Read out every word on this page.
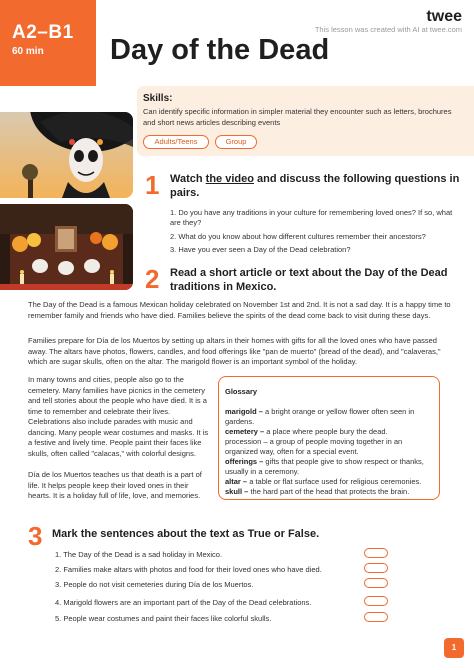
A2–B1
60 min Day of the Dead
twee
This lesson was created with AI at twee.com
Skills:
Can identify specific information in simpler material they encounter such as letters, brochures and short news articles describing events
Adults/Teens	Group
1 Watch the video and discuss the following questions in pairs.
1. Do you have any traditions in your culture for remembering loved ones? If so, what are they?
2. What do you know about how different cultures remember their ancestors?
3. Have you ever seen a Day of the Dead celebration?
2 Read a short article or text about the Day of the Dead traditions in Mexico.
The Day of the Dead is a famous Mexican holiday celebrated on November 1st and 2nd. It is not a sad day. It is a happy time to remember family and friends who have died. Families believe the spirits of the dead come back to visit during these days.
Families prepare for Día de los Muertos by setting up altars in their homes with gifts for all the loved ones who have passed away. The altars have photos, flowers, candles, and food offerings like "pan de muerto" (bread of the dead), and "calaveras," which are sugar skulls, often on the altar. The marigold flower is an important symbol of the holiday.
In many towns and cities, people also go to the cemetery. Many families have picnics in the cemetery and tell stories about the people who have died. It is a time to remember and celebrate their lives. Celebrations also include parades with music and dancing. Many people wear costumes and masks. It is a festive and lively time. People paint their faces like skulls, often called "calacas," with colorful designs.
Día de los Muertos teaches us that death is a part of life. It helps people keep their loved ones in their hearts. It is a holiday full of life, love, and memories.
Glossary
marigold – a bright orange or yellow flower often seen in gardens.
cemetery – a place where people bury the dead.
procession – a group of people moving together in an organized way, often for a special event.
offerings – gifts that people give to show respect or thanks, usually in a ceremony.
altar – a table or flat surface used for religious ceremonies.
skull – the hard part of the head that protects the brain.
3 Mark the sentences about the text as True or False.
1. The Day of the Dead is a sad holiday in Mexico.
2. Families make altars with photos and food for their loved ones who have died.
3. People do not visit cemeteries during Día de los Muertos.
4. Marigold flowers are an important part of the Day of the Dead celebrations.
5. People wear costumes and paint their faces like colorful skulls.
1
